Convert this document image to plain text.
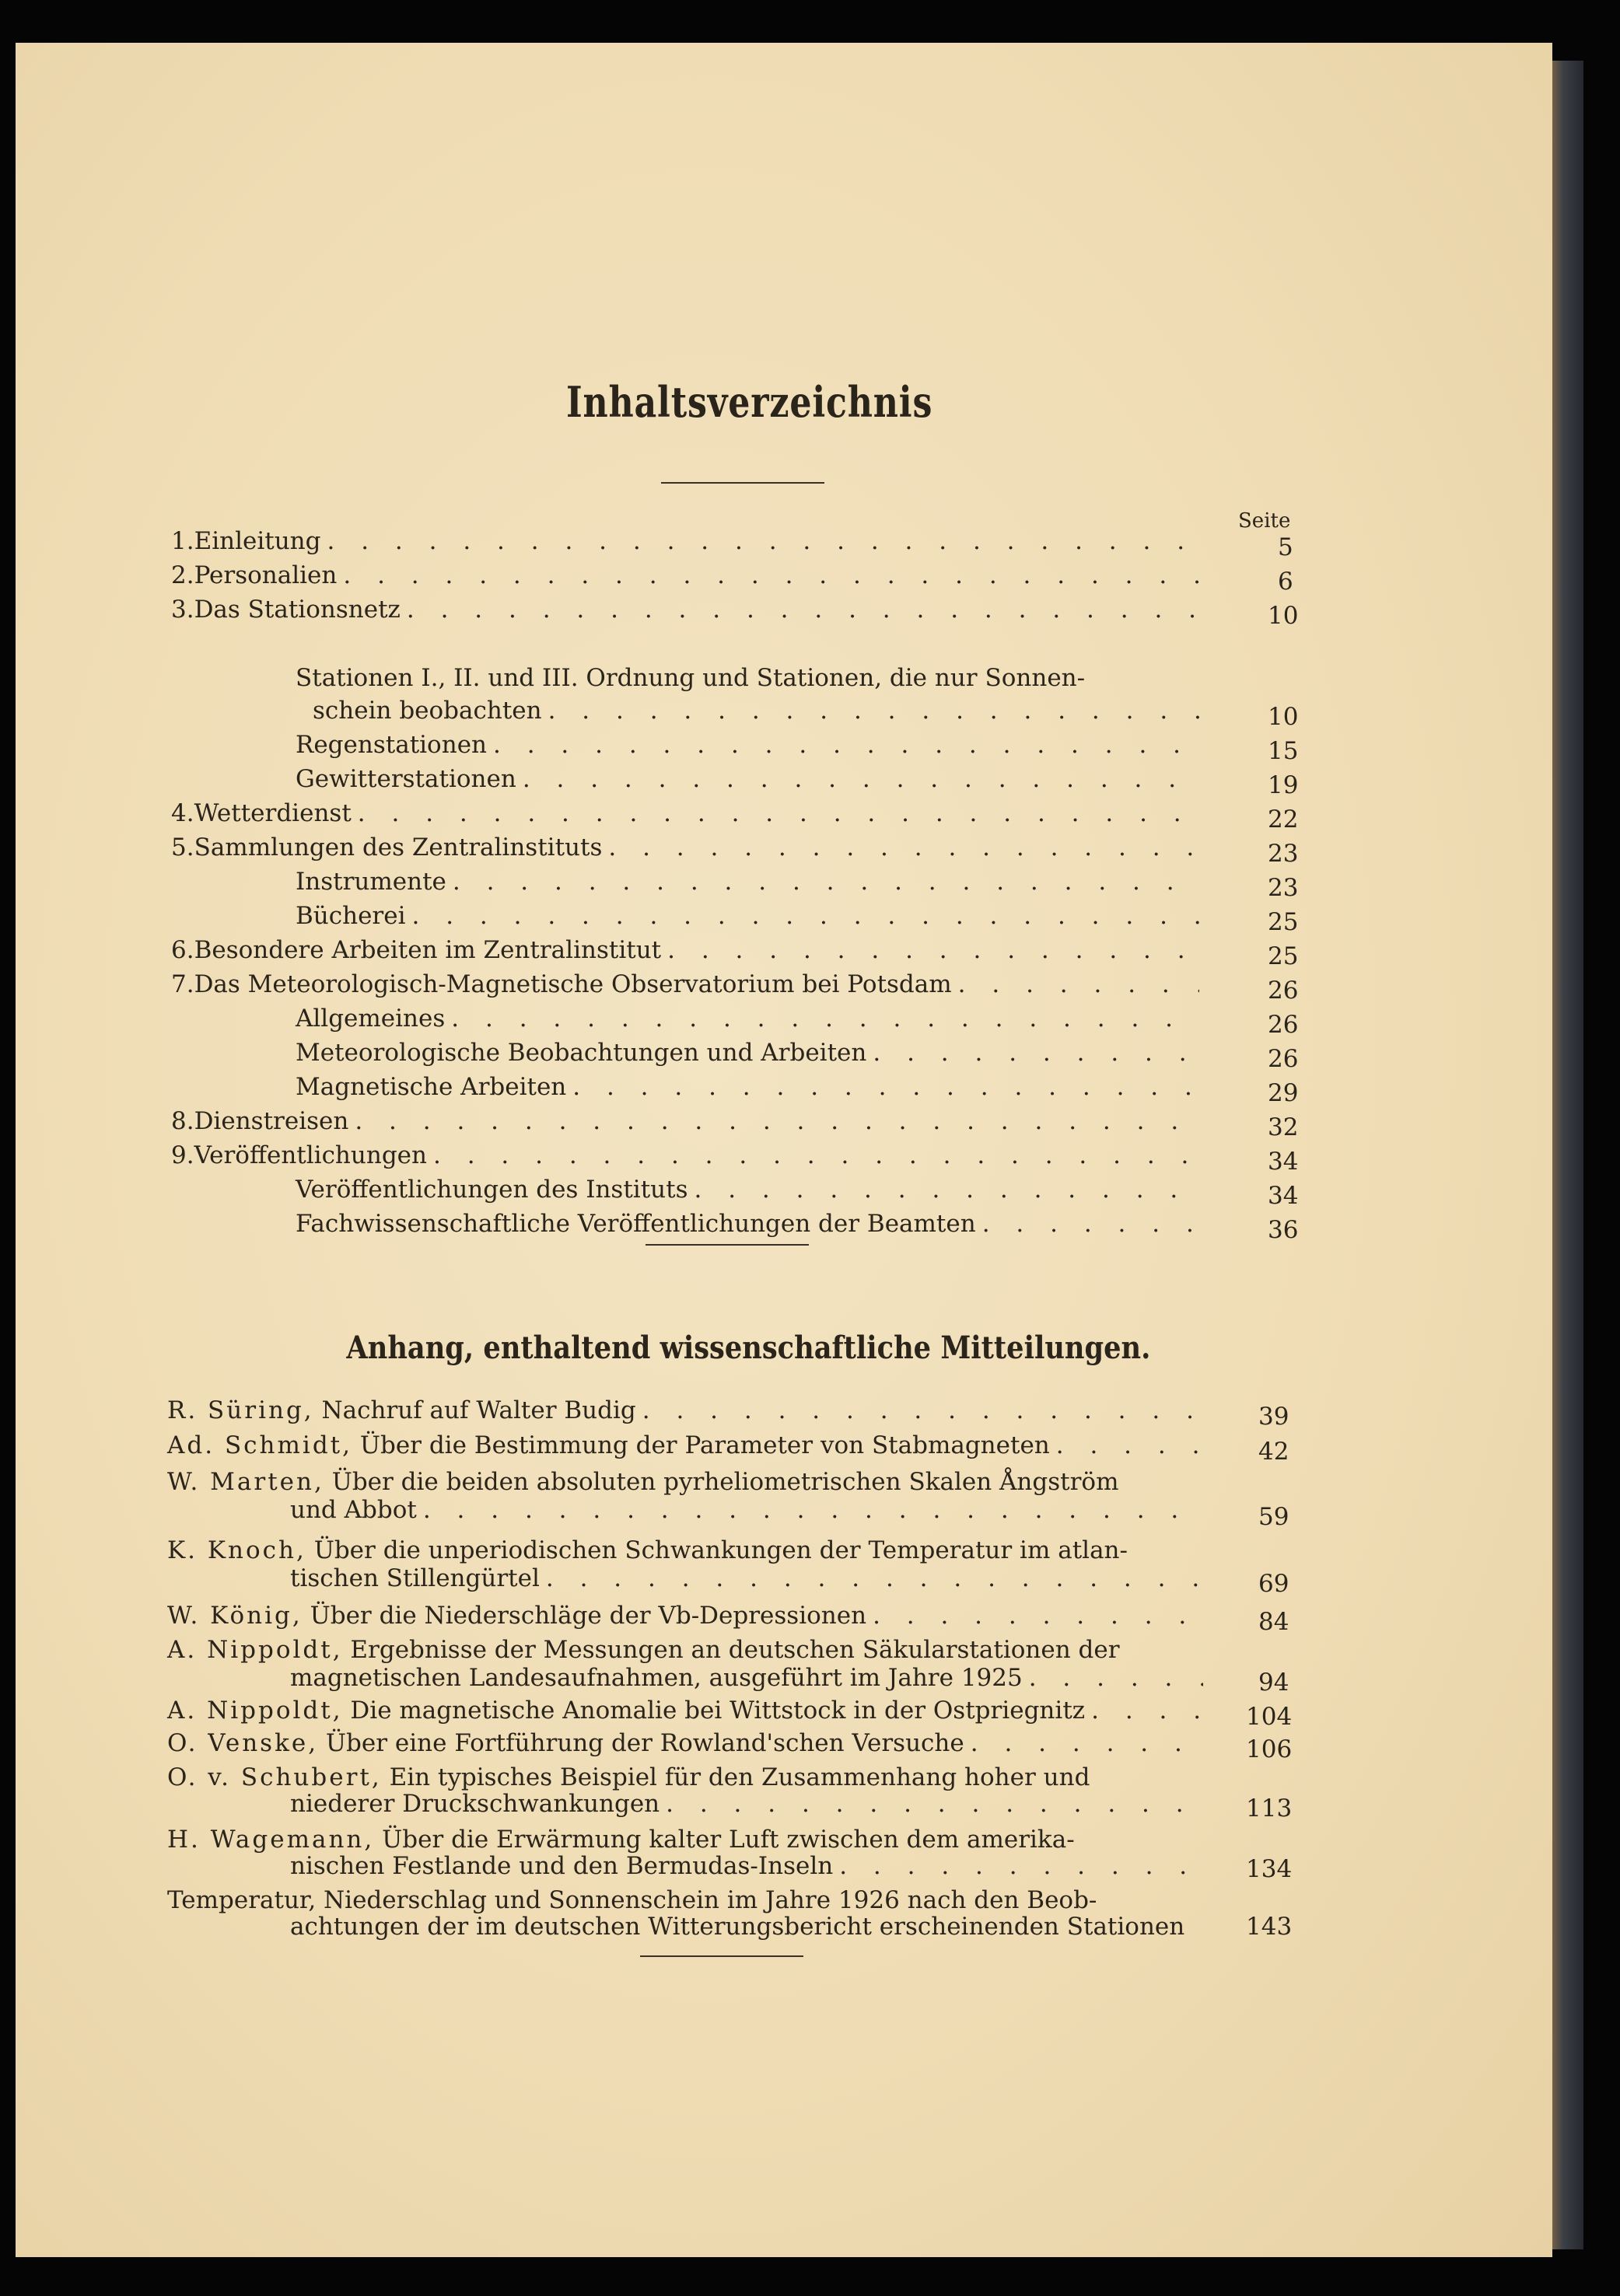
Inhaltsverzeichnis
Seite
1. Einleitung . . .	5
2. Personalien . . .	6
3. Das Stationsnetz . . .	10
Stationen I., II. und III. Ordnung und Stationen, die nur Sonnen-
schein beobachten . . .	10
Regenstationen . . .	15
Gewitterstationen . . .	19
4. Wetterdienst . . .	22
5. Sammlungen des Zentralinstituts . . .	23
Instrumente . . .	23
Bücherei . . .	25
6. Besondere Arbeiten im Zentralinstitut . . .	25
7. Das Meteorologisch-Magnetische Observatorium bei Potsdam . . .	26
Allgemeines . . .	26
Meteorologische Beobachtungen und Arbeiten . . .	26
Magnetische Arbeiten . . .	29
8. Dienstreisen . . .	32
9. Veröffentlichungen . . .	34
Veröffentlichungen des Instituts . . .	34
Fachwissenschaftliche Veröffentlichungen der Beamten . . .	36
Anhang, enthaltend wissenschaftliche Mitteilungen.
R. Süring, Nachruf auf Walter Budig . . .	39
Ad. Schmidt, Über die Bestimmung der Parameter von Stabmagneten . . .	42
W. Marten, Über die beiden absoluten pyrheliometrischen Skalen Ångström
und Abbot . . .	59
K. Knoch, Über die unperiodischen Schwankungen der Temperatur im atlan-
tischen Stillengürtel . . .	69
W. König, Über die Niederschläge der Vb-Depressionen . . .	84
A. Nippoldt, Ergebnisse der Messungen an deutschen Säkularstationen der
magnetischen Landesaufnahmen, ausgeführt im Jahre 1925 . . .	94
A. Nippoldt, Die magnetische Anomalie bei Wittstock in der Ostpriegnitz . . .	104
O. Venske, Über eine Fortführung der Rowland'schen Versuche . . .	106
O. v. Schubert, Ein typisches Beispiel für den Zusammenhang hoher und
niederer Druckschwankungen . . .	113
H. Wagemann, Über die Erwärmung kalter Luft zwischen dem amerika-
nischen Festlande und den Bermudas-Inseln . . .	134
Temperatur, Niederschlag und Sonnenschein im Jahre 1926 nach den Beob-
achtungen der im deutschen Witterungsbericht erscheinenden Stationen	143
